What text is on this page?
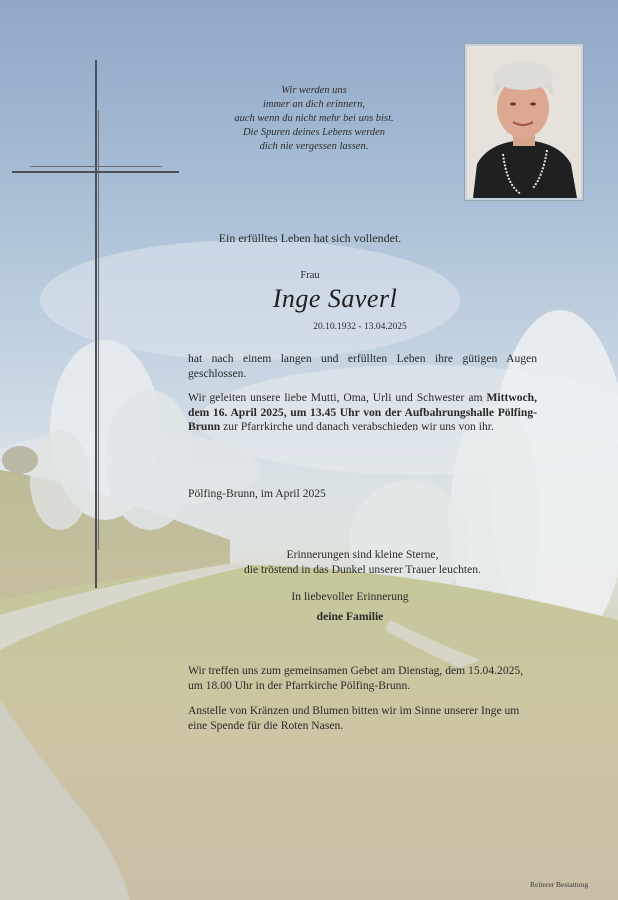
Wir werden uns
immer an dich erinnern,
auch wenn du nicht mehr bei uns bist.
Die Spuren deines Lebens werden
dich nie vergessen lassen.
Ein erfülltes Leben hat sich vollendet.
Frau
Inge Saverl
20.10.1932 - 13.04.2025
hat nach einem langen und erfüllten Leben ihre gütigen Augen geschlossen.
Wir geleiten unsere liebe Mutti, Oma, Urli und Schwester am Mittwoch, dem 16. April 2025, um 13.45 Uhr von der Aufbahrungshalle Pölfing-Brunn zur Pfarrkirche und danach verabschieden wir uns von ihr.
Pölfing-Brunn, im April 2025
Erinnerungen sind kleine Sterne,
die tröstend in das Dunkel unserer Trauer leuchten.
In liebevoller Erinnerung
deine Familie
Wir treffen uns zum gemeinsamen Gebet am Dienstag, dem 15.04.2025, um 18.00 Uhr in der Pfarrkirche Pölfing-Brunn.
Anstelle von Kränzen und Blumen bitten wir im Sinne unserer Inge um eine Spende für die Roten Nasen.
Reiterer Bestattung
